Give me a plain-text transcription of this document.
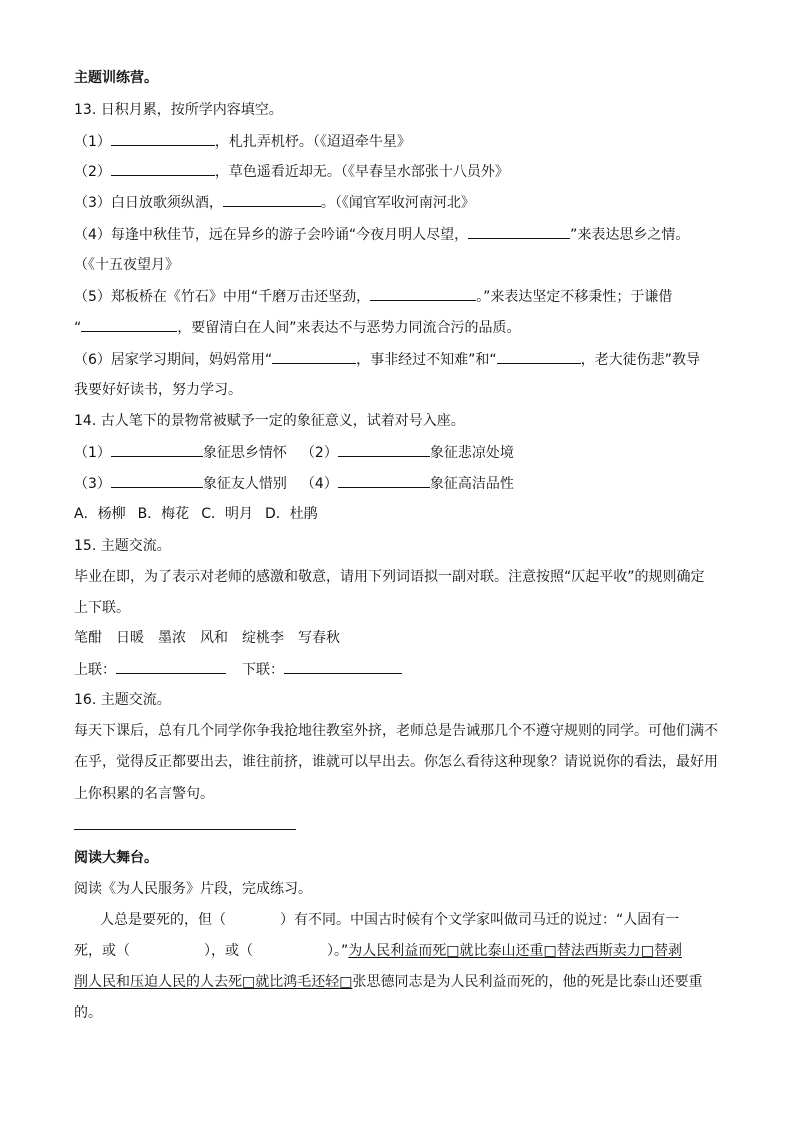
主题训练营。
13. 日积月累，按所学内容填空。
（1）	，札扎弄机杼。（《迢迢牵牛星》
（2）	，草色遥看近却无。（《早春呈水部张十八员外》
（3）白日放歌须纵酒，	。（《闻官军收河南河北》
（4）每逢中秋佳节，远在异乡的游子会吟诵“今夜月明人尽望，	”来表达思乡之情。
（《十五夜望月》
（5）郑板桥在《竹石》中用“千磨万击还坚劲，	。”来表达坚定不移秉性；于谦借
“	，要留清白在人间”来表达不与恶势力同流合污的品质。
（6）居家学习期间，妈妈常用“	，事非经过不知难”和“	，老大徒伤悲”教导
我要好好读书，努力学习。
14. 古人笔下的景物常被赋予一定的象征意义，试着对号入座。
（1）	象征思乡情怀 （2）	象征悲凉处境
（3）	象征友人惜别 （4）	象征高洁品性
A．杨柳 B．梅花 C．明月 D．杜鹃
15. 主题交流。
毕业在即，为了表示对老师的感激和敬意，请用下列词语拟一副对联。注意按照“仄起平收”的规则确定
上下联。
笔酣 日暖 墨浓 风和 绽桃李 写春秋
上联：	下联：
16. 主题交流。
每天下课后，总有几个同学你争我抢地往教室外挤，老师总是告诫那几个不遵守规则的同学。可他们满不
在乎，觉得反正都要出去，谁往前挤，谁就可以早出去。你怎么看待这种现象？请说说你的看法，最好用
上你积累的名言警句。
阅读大舞台。
阅读《为人民服务》片段，完成练习。
人总是要死的，但（	）有不同。中国古时候有个文学家叫做司马迁的说过：“人固有一
死，或（	），或（	）。”为人民利益而死□就比泰山还重□替法西斯卖力□替剥
削人民和压迫人民的人去死□就比鸿毛还轻□张思德同志是为人民利益而死的，他的死是比泰山还要重
的。
